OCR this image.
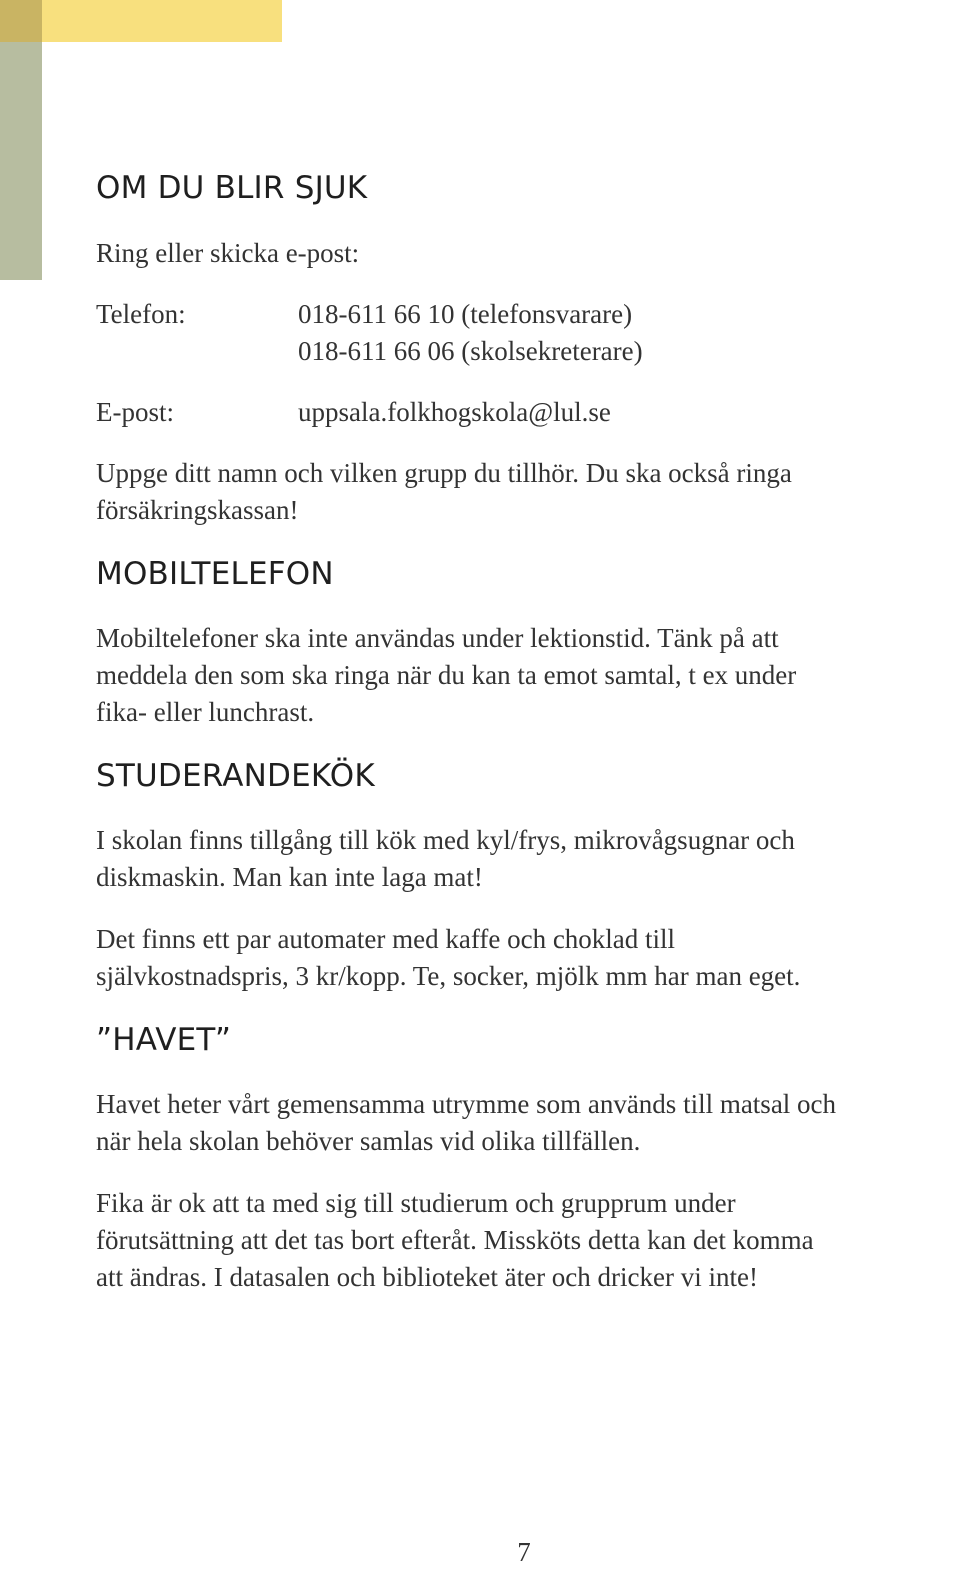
OM DU BLIR SJUK

Ring eller skicka e-post:

Telefon:	018-611 66 10 (telefonsvarare)
018-611 66 06 (skolsekreterare)
E-post:	uppsala.folkhogskola@lul.se

Uppge ditt namn och vilken grupp du tillhör. Du ska också ringa

försäkringskassan!

MOBILTELEFON

Mobiltelefoner ska inte användas under lektionstid. Tänk på att

meddela den som ska ringa när du kan ta emot samtal, t ex under

fika- eller lunchrast.

STUDERANDEKÖK

I skolan finns tillgång till kök med kyl/frys, mikrovågsugnar och

diskmaskin. Man kan inte laga mat!

Det finns ett par automater med kaffe och choklad till

självkostnadspris, 3 kr/kopp. Te, socker, mjölk mm har man eget.

”HAVET”

Havet heter vårt gemensamma utrymme som används till matsal och

när hela skolan behöver samlas vid olika tillfällen.

Fika är ok att ta med sig till studierum och grupprum under

förutsättning att det tas bort efteråt. Missköts detta kan det komma

att ändras. I datasalen och biblioteket äter och dricker vi inte!

7
